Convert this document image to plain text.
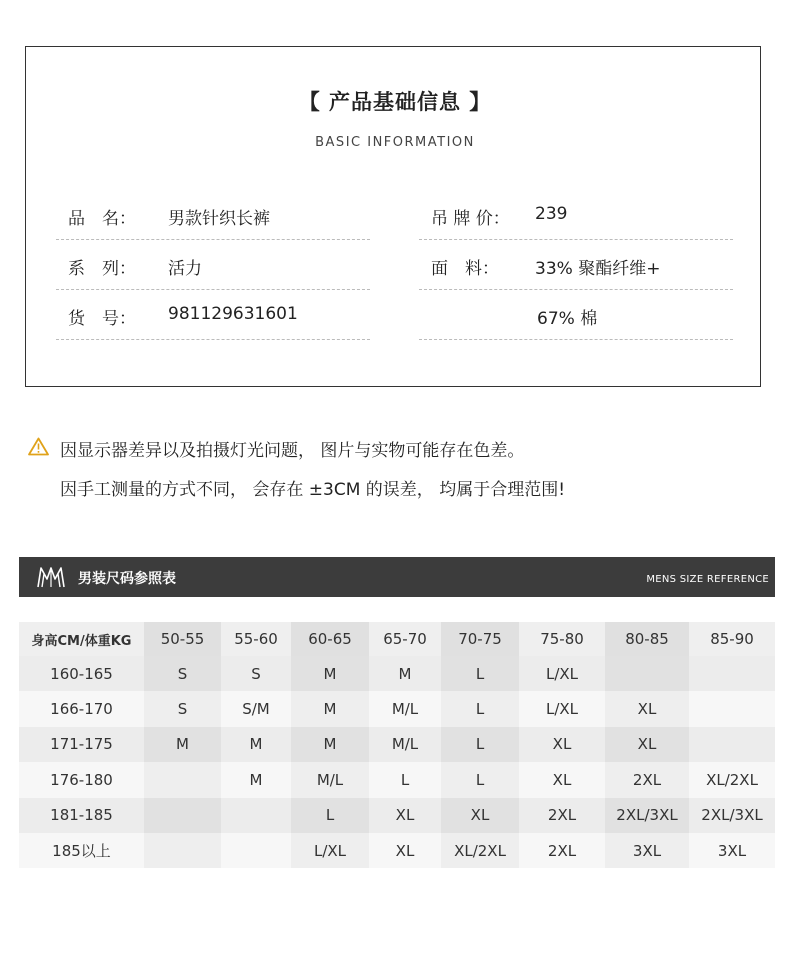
【 产品基础信息 】
BASIC INFORMATION
品　名： 男款针织长裤
系　列： 活力
货　号： 981129631601
吊 牌 价： 239
面　料： 33% 聚酯纤维+
67% 棉
因显示器差异以及拍摄灯光问题， 图片与实物可能存在色差。
因手工测量的方式不同， 会存在 ±3CM 的误差， 均属于合理范围!
男装尺码参照表	MENS SIZE REFERENCE
身高CM/体重KG	50-55	55-60	60-65	65-70	70-75	75-80	80-85	85-90
160-165	S	S	M	M	L	L/XL		
166-170	S	S/M	M	M/L	L	L/XL	XL	
171-175	M	M	M	M/L	L	XL	XL	
176-180		M	M/L	L	L	XL	2XL	XL/2XL
181-185			L	XL	XL	2XL	2XL/3XL	2XL/3XL
185以上			L/XL	XL	XL/2XL	2XL	3XL	3XL
